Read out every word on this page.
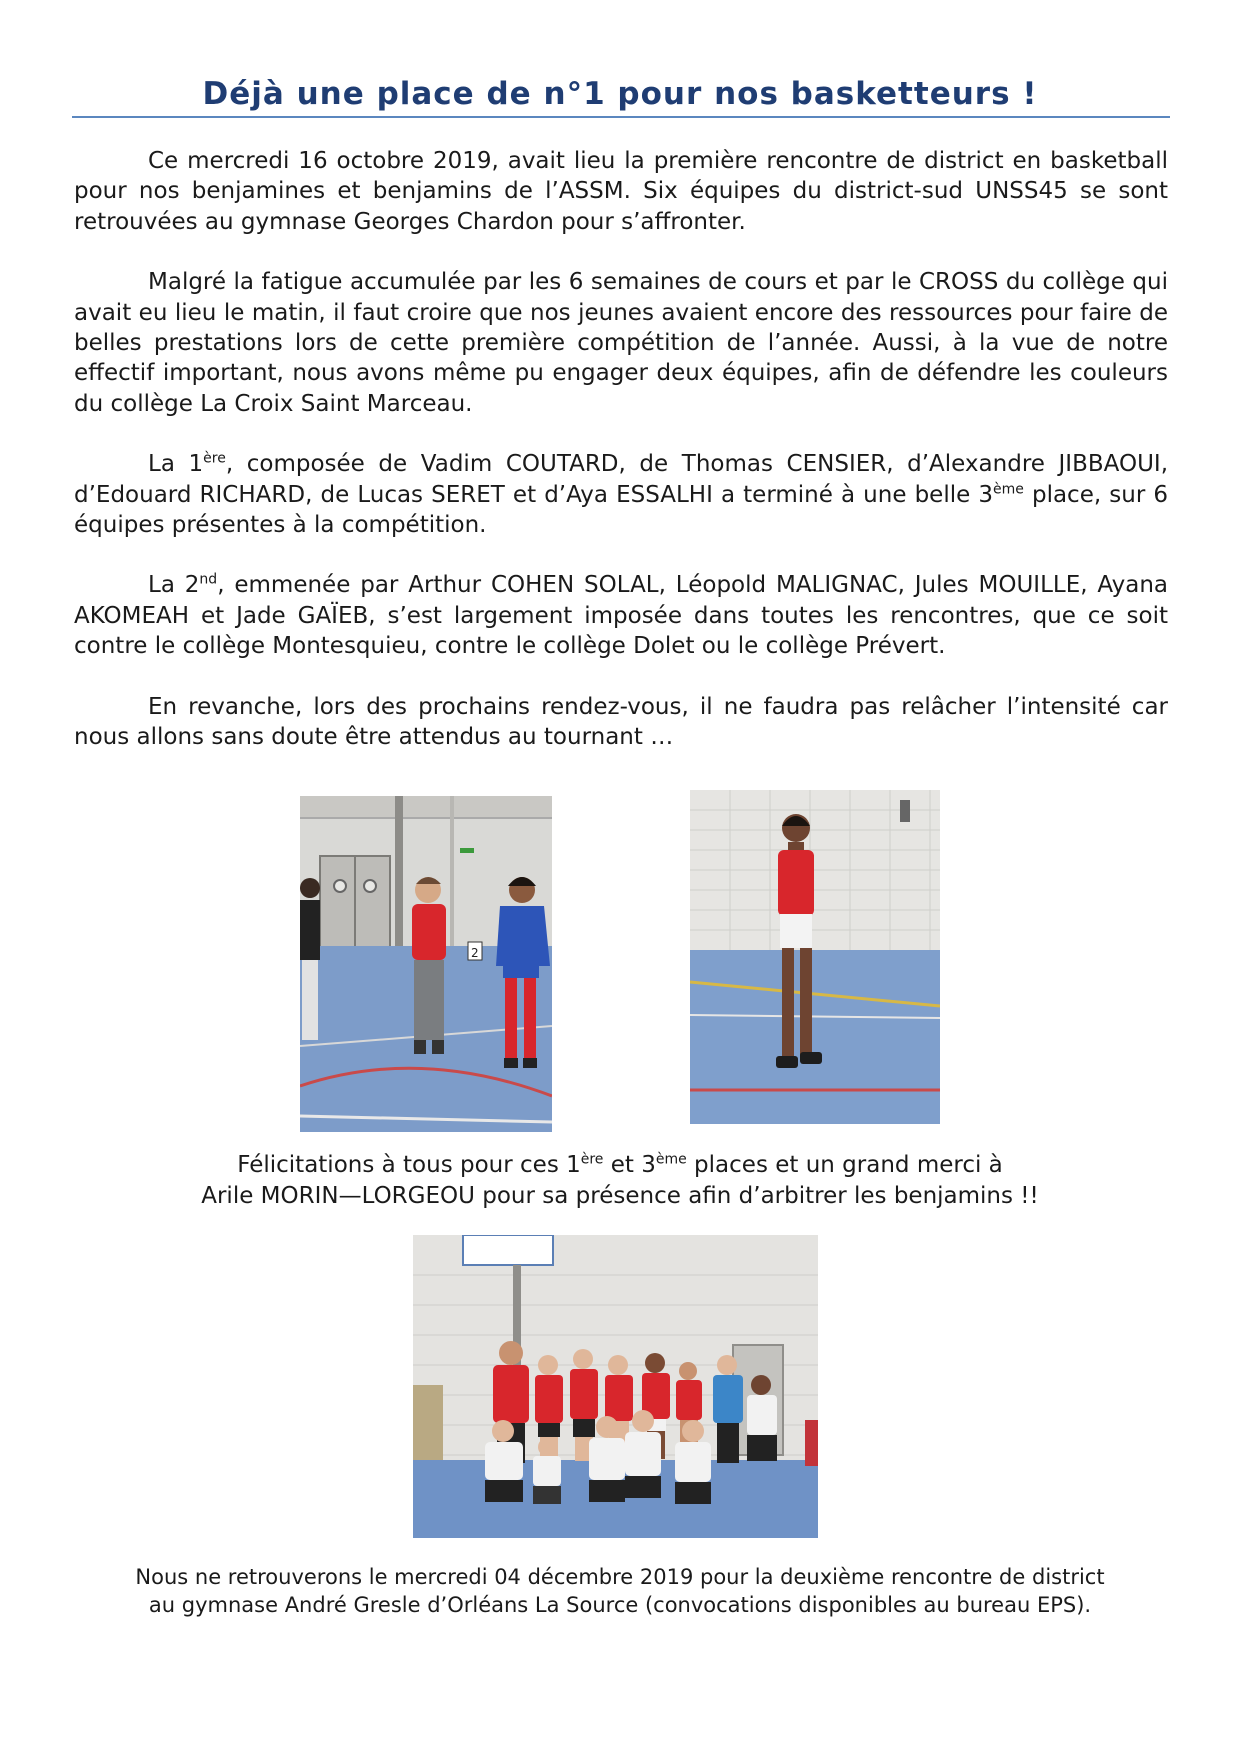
Déjà une place de n°1 pour nos basketteurs !

Ce mercredi 16 octobre 2019, avait lieu la première rencontre de district en basketball pour nos benjamines et benjamins de l’ASSM. Six équipes du district-sud UNSS45 se sont retrouvées au gymnase Georges Chardon pour s’affronter.

Malgré la fatigue accumulée par les 6 semaines de cours et par le CROSS du collège qui avait eu lieu le matin, il faut croire que nos jeunes avaient encore des ressources pour faire de belles prestations lors de cette première compétition de l’année. Aussi, à la vue de notre effectif important, nous avons même pu engager deux équipes, afin de défendre les couleurs du collège La Croix Saint Marceau.

La 1ère, composée de Vadim COUTARD, de Thomas CENSIER, d’Alexandre JIBBAOUI, d’Edouard RICHARD, de Lucas SERET et d’Aya ESSALHI a terminé à une belle 3ème place, sur 6 équipes présentes à la compétition.

La 2nd, emmenée par Arthur COHEN SOLAL, Léopold MALIGNAC, Jules MOUILLE, Ayana AKOMEAH et Jade GAÏEB, s’est largement imposée dans toutes les rencontres, que ce soit contre le collège Montesquieu, contre le collège Dolet ou le collège Prévert.

En revanche, lors des prochains rendez-vous, il ne faudra pas relâcher l’intensité car nous allons sans doute être attendus au tournant …

2

Félicitations à tous pour ces 1ère et 3ème places et un grand merci à

Arile MORIN—LORGEOU pour sa présence afin d’arbitrer les benjamins !!

Nous ne retrouverons le mercredi 04 décembre 2019 pour la deuxième rencontre de district

au gymnase André Gresle d’Orléans La Source (convocations disponibles au bureau EPS).
